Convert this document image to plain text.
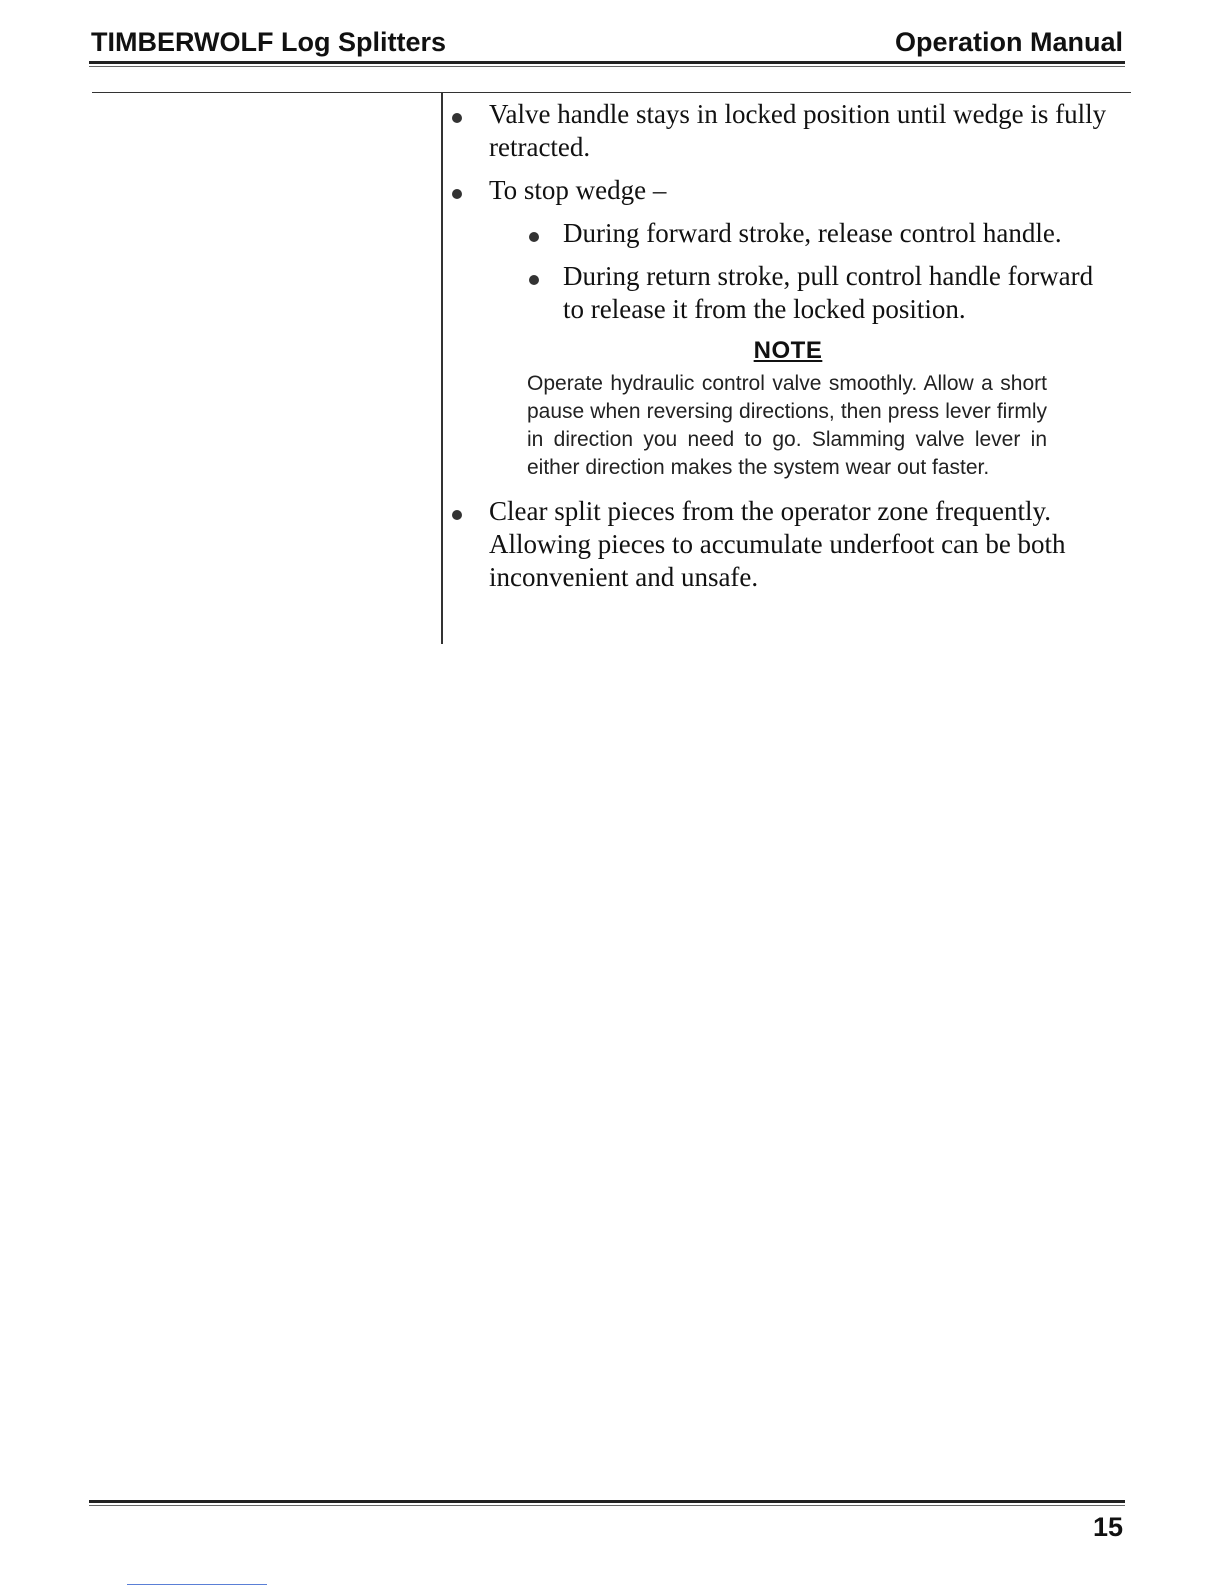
TIMBERWOLF Log Splitters	Operation Manual
Valve handle stays in locked position until wedge is fully retracted.
To stop wedge –
During forward stroke, release control handle.
During return stroke, pull control handle forward to release it from the locked position.
NOTE
Operate hydraulic control valve smoothly. Allow a short pause when reversing directions, then press lever firmly in direction you need to go. Slamming valve lever in either direction makes the system wear out faster.
Clear split pieces from the operator zone frequently. Allowing pieces to accumulate underfoot can be both inconvenient and unsafe.
15
